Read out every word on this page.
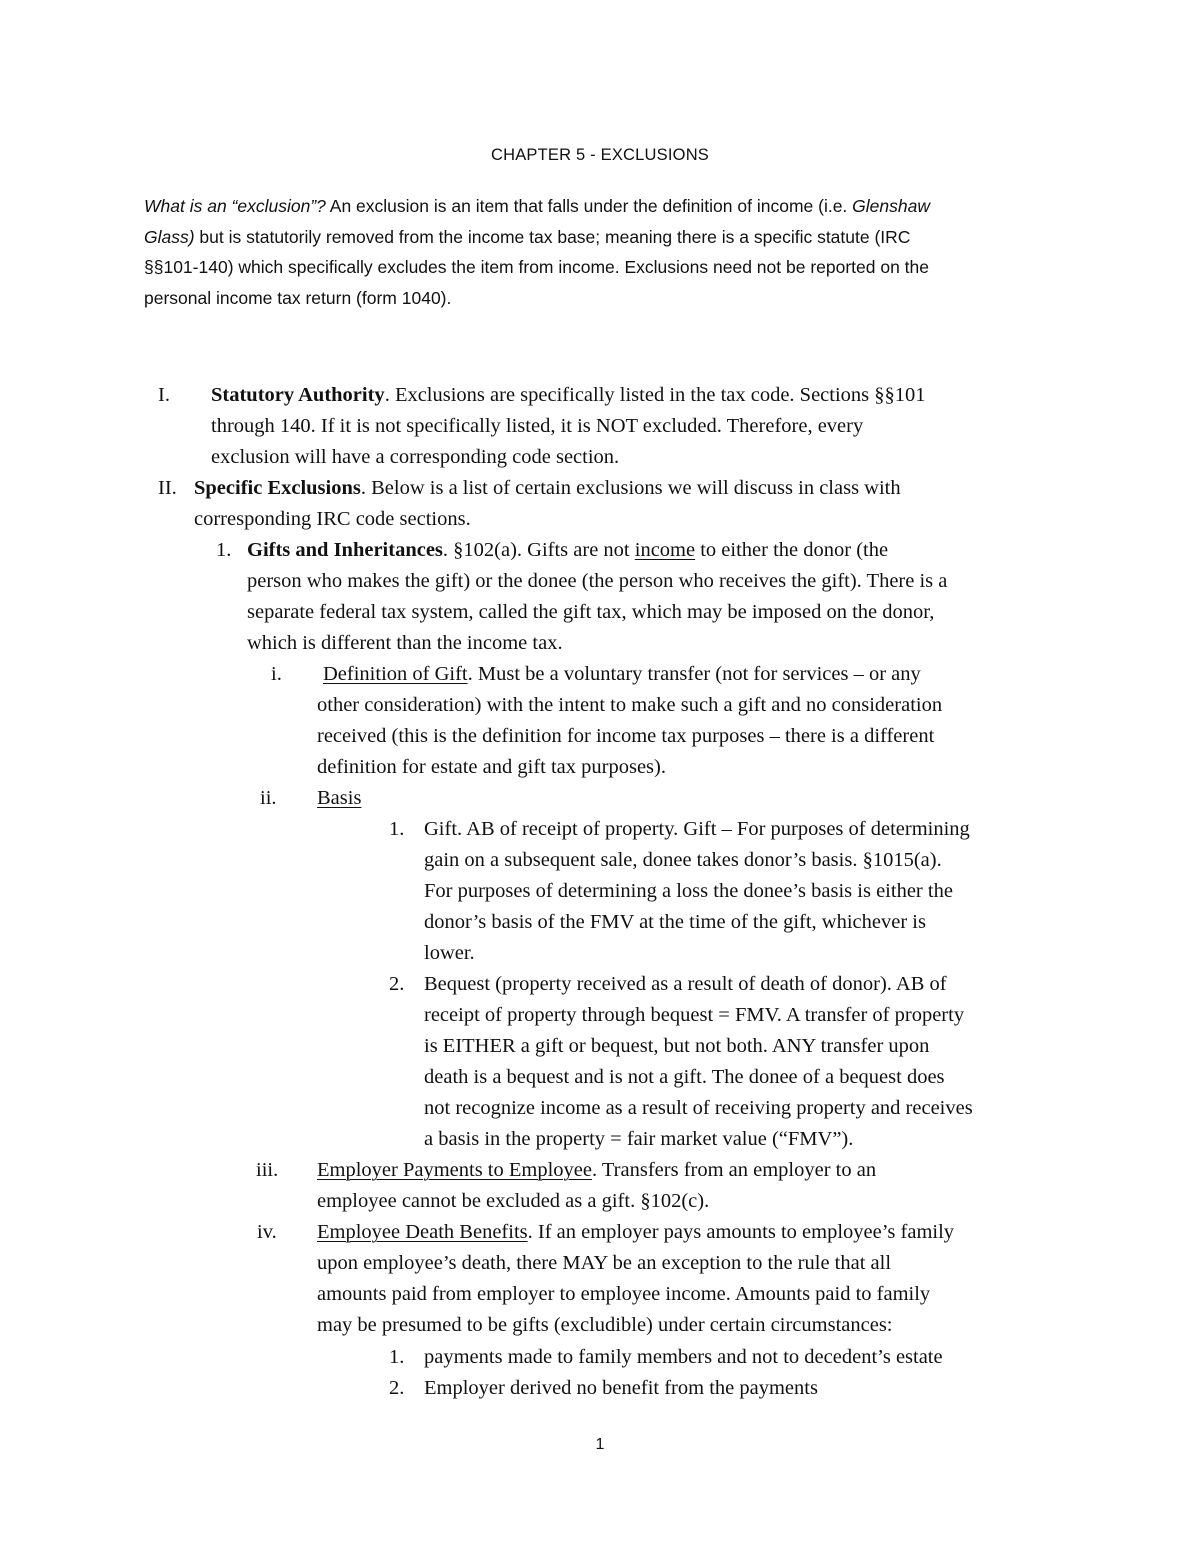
CHAPTER 5 - EXCLUSIONS
What is an “exclusion”? An exclusion is an item that falls under the definition of income (i.e. Glenshaw
Glass) but is statutorily removed from the income tax base; meaning there is a specific statute (IRC
§§101-140) which specifically excludes the item from income. Exclusions need not be reported on the
personal income tax return (form 1040).
I. Statutory Authority. Exclusions are specifically listed in the tax code. Sections §§101
through 140. If it is not specifically listed, it is NOT excluded. Therefore, every
exclusion will have a corresponding code section.
II. Specific Exclusions. Below is a list of certain exclusions we will discuss in class with
corresponding IRC code sections.
1. Gifts and Inheritances. §102(a). Gifts are not income to either the donor (the
person who makes the gift) or the donee (the person who receives the gift). There is a
separate federal tax system, called the gift tax, which may be imposed on the donor,
which is different than the income tax.
i. Definition of Gift. Must be a voluntary transfer (not for services – or any
other consideration) with the intent to make such a gift and no consideration
received (this is the definition for income tax purposes – there is a different
definition for estate and gift tax purposes).
ii. Basis
1. Gift. AB of receipt of property. Gift – For purposes of determining
gain on a subsequent sale, donee takes donor’s basis. §1015(a).
For purposes of determining a loss the donee’s basis is either the
donor’s basis of the FMV at the time of the gift, whichever is
lower.
2. Bequest (property received as a result of death of donor). AB of
receipt of property through bequest = FMV. A transfer of property
is EITHER a gift or bequest, but not both. ANY transfer upon
death is a bequest and is not a gift. The donee of a bequest does
not recognize income as a result of receiving property and receives
a basis in the property = fair market value (“FMV”).
iii. Employer Payments to Employee. Transfers from an employer to an
employee cannot be excluded as a gift. §102(c).
iv. Employee Death Benefits. If an employer pays amounts to employee’s family
upon employee’s death, there MAY be an exception to the rule that all
amounts paid from employer to employee income. Amounts paid to family
may be presumed to be gifts (excludible) under certain circumstances:
1. payments made to family members and not to decedent’s estate
2. Employer derived no benefit from the payments
1
